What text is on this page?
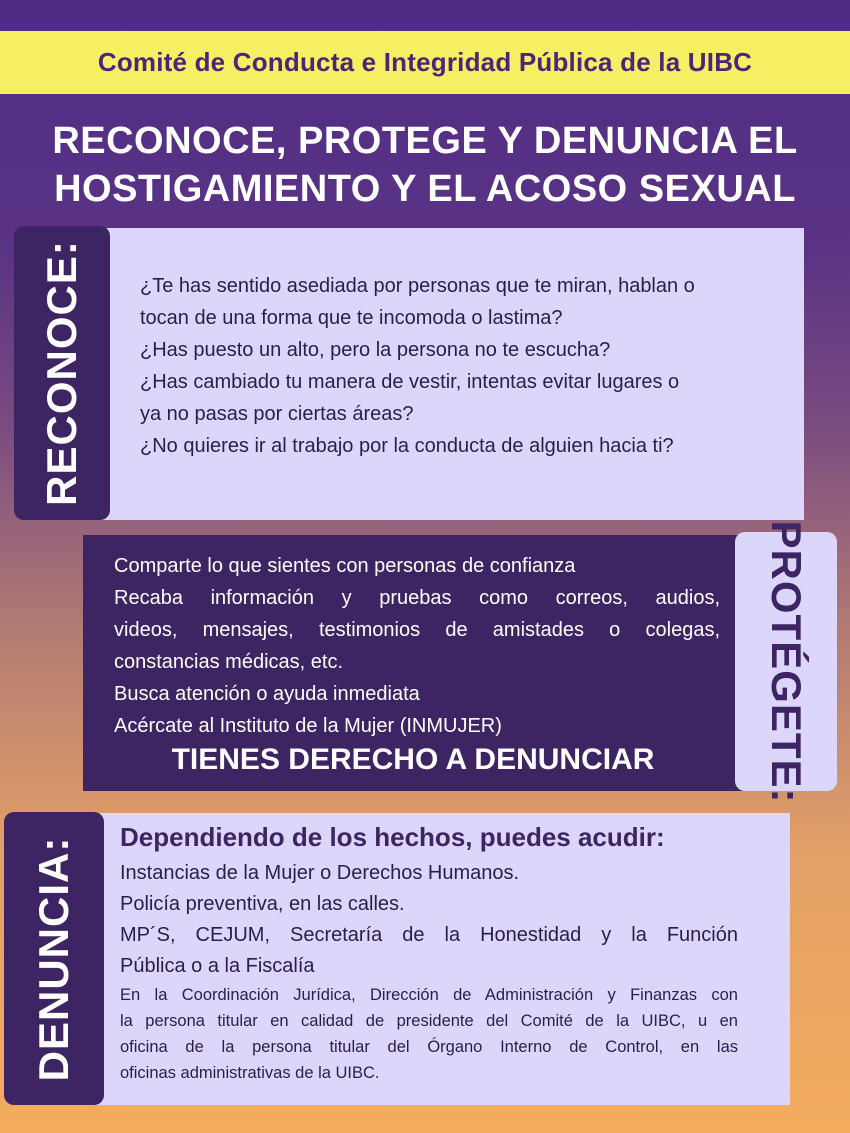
Comité de Conducta e Integridad Pública de la UIBC
RECONOCE, PROTEGE Y DENUNCIA EL
HOSTIGAMIENTO Y EL ACOSO SEXUAL
RECONOCE:	¿Te has sentido asediada por personas que te miran, hablan o
tocan de una forma que te incomoda o lastima?
¿Has puesto un alto, pero la persona no te escucha?
¿Has cambiado tu manera de vestir, intentas evitar lugares o
ya no pasas por ciertas áreas?
¿No quieres ir al trabajo por la conducta de alguien hacia ti?
PROTÉGETE:
Comparte lo que sientes con personas de confianza
Recaba información y pruebas como correos, audios,
videos, mensajes, testimonios de amistades o colegas,
constancias médicas, etc.
Busca atención o ayuda inmediata
Acércate al Instituto de la Mujer (INMUJER)
TIENES DERECHO A DENUNCIAR
DENUNCIA: Dependiendo de los hechos, puedes acudir:
Instancias de la Mujer o Derechos Humanos.
Policía preventiva, en las calles.
MP´S, CEJUM, Secretaría de la Honestidad y la Función
Pública o a la Fiscalía
En la Coordinación Jurídica, Dirección de Administración y Finanzas con
la persona titular en calidad de presidente del Comité de la UIBC, u en
oficina de la persona titular del Órgano Interno de Control, en las
oficinas administrativas de la UIBC.
